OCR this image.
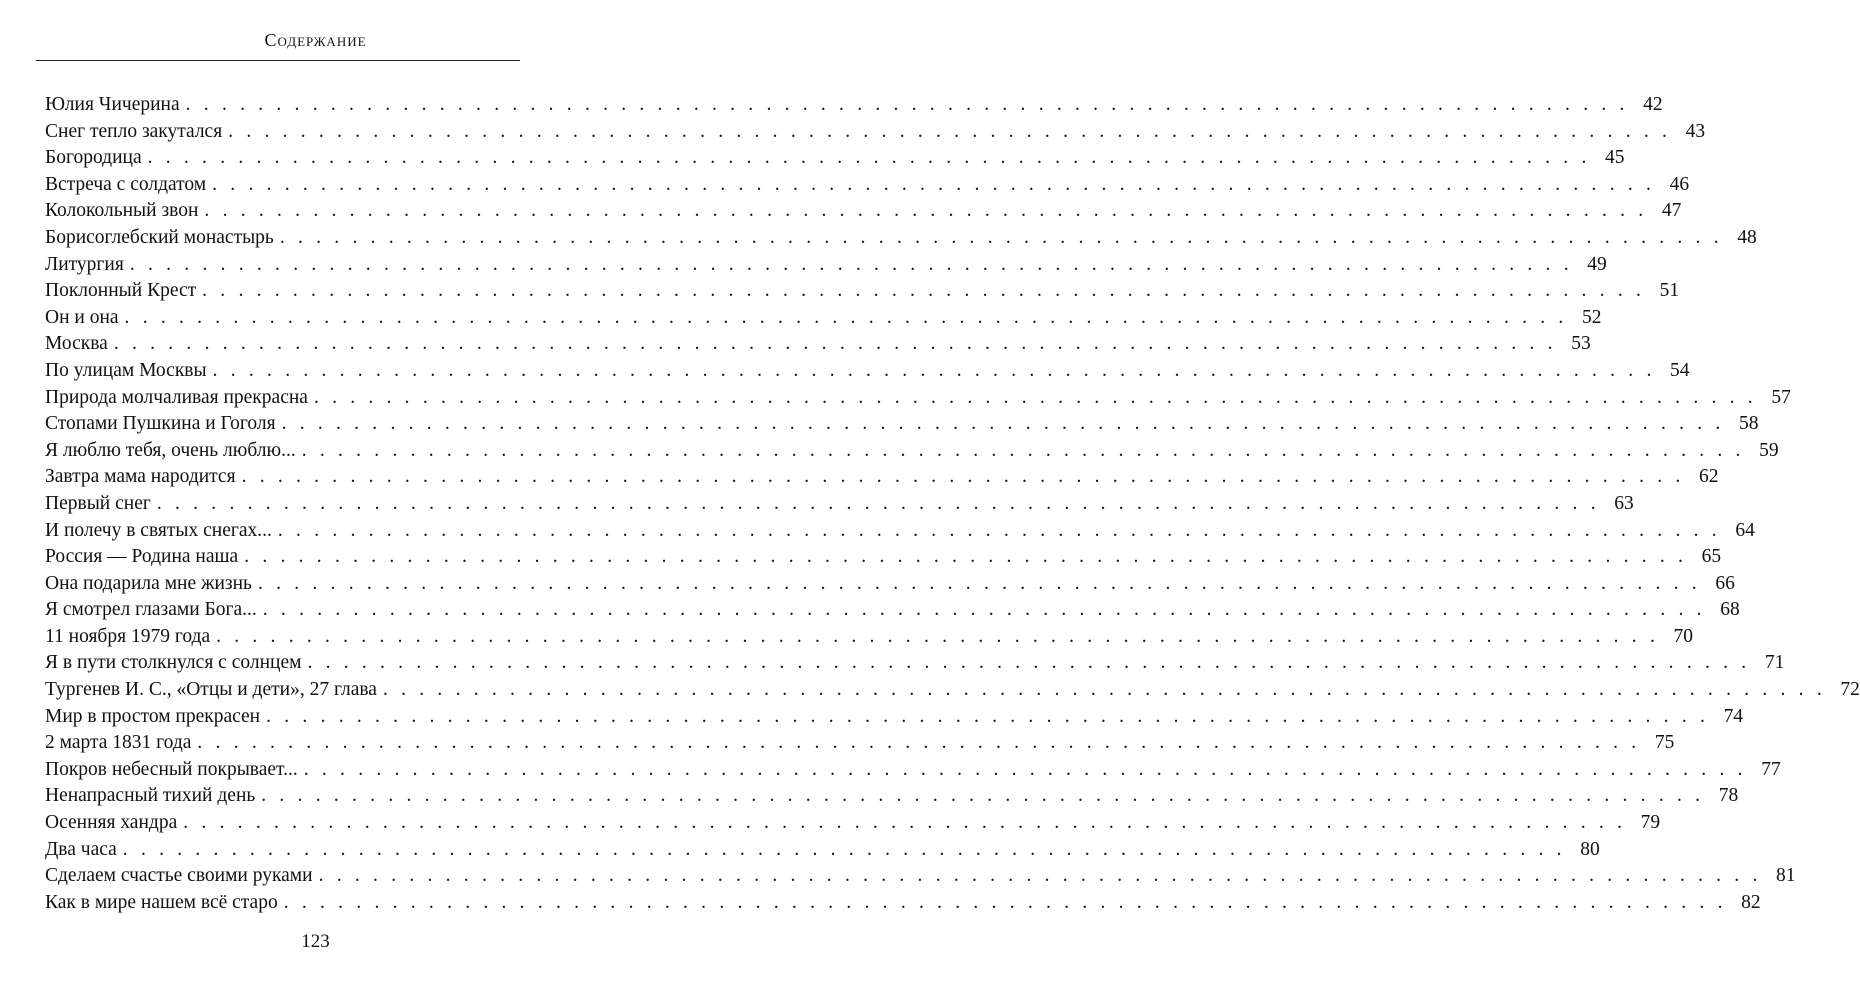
Содержание
Юлия Чичерина . . . . . . . . . . . . . . . . . . . . . . . . . . . . . . . . . . . . . . . . . . . . . . . . . . . . . . . . . . . . . . . . . . . . . . . . . . . . . . . . 42
Снег тепло закутался . . . . . . . . . . . . . . . . . . . . . . . . . . . . . . . . . . . . . . . . . . . . . . . . . . . . . . . . . . . . . . . . . . . . . . . . . . . . . . . . 43
Богородица . . . . . . . . . . . . . . . . . . . . . . . . . . . . . . . . . . . . . . . . . . . . . . . . . . . . . . . . . . . . . . . . . . . . . . . . . . . . . . . . 45
Встреча с солдатом . . . . . . . . . . . . . . . . . . . . . . . . . . . . . . . . . . . . . . . . . . . . . . . . . . . . . . . . . . . . . . . . . . . . . . . . . . . . . . . . 46
Колокольный звон . . . . . . . . . . . . . . . . . . . . . . . . . . . . . . . . . . . . . . . . . . . . . . . . . . . . . . . . . . . . . . . . . . . . . . . . . . . . . . . . 47
Борисоглебский монастырь . . . . . . . . . . . . . . . . . . . . . . . . . . . . . . . . . . . . . . . . . . . . . . . . . . . . . . . . . . . . . . . . . . . . . . . . . . . . . . . . 48
Литургия . . . . . . . . . . . . . . . . . . . . . . . . . . . . . . . . . . . . . . . . . . . . . . . . . . . . . . . . . . . . . . . . . . . . . . . . . . . . . . . . 49
Поклонный Крест . . . . . . . . . . . . . . . . . . . . . . . . . . . . . . . . . . . . . . . . . . . . . . . . . . . . . . . . . . . . . . . . . . . . . . . . . . . . . . . . 51
Он и она . . . . . . . . . . . . . . . . . . . . . . . . . . . . . . . . . . . . . . . . . . . . . . . . . . . . . . . . . . . . . . . . . . . . . . . . . . . . . . . . 52
Москва . . . . . . . . . . . . . . . . . . . . . . . . . . . . . . . . . . . . . . . . . . . . . . . . . . . . . . . . . . . . . . . . . . . . . . . . . . . . . . . . 53
По улицам Москвы . . . . . . . . . . . . . . . . . . . . . . . . . . . . . . . . . . . . . . . . . . . . . . . . . . . . . . . . . . . . . . . . . . . . . . . . . . . . . . . . 54
Природа молчаливая прекрасна . . . . . . . . . . . . . . . . . . . . . . . . . . . . . . . . . . . . . . . . . . . . . . . . . . . . . . . . . . . . . . . . . . . . . . . . . . . . . . . . 57
Стопами Пушкина и Гоголя . . . . . . . . . . . . . . . . . . . . . . . . . . . . . . . . . . . . . . . . . . . . . . . . . . . . . . . . . . . . . . . . . . . . . . . . . . . . . . . . 58
Я люблю тебя, очень люблю... . . . . . . . . . . . . . . . . . . . . . . . . . . . . . . . . . . . . . . . . . . . . . . . . . . . . . . . . . . . . . . . . . . . . . . . . . . . . . . . . 59
Завтра мама народится . . . . . . . . . . . . . . . . . . . . . . . . . . . . . . . . . . . . . . . . . . . . . . . . . . . . . . . . . . . . . . . . . . . . . . . . . . . . . . . . 62
Первый снег . . . . . . . . . . . . . . . . . . . . . . . . . . . . . . . . . . . . . . . . . . . . . . . . . . . . . . . . . . . . . . . . . . . . . . . . . . . . . . . . 63
И полечу в святых снегах... . . . . . . . . . . . . . . . . . . . . . . . . . . . . . . . . . . . . . . . . . . . . . . . . . . . . . . . . . . . . . . . . . . . . . . . . . . . . . . . . 64
Россия — Родина наша . . . . . . . . . . . . . . . . . . . . . . . . . . . . . . . . . . . . . . . . . . . . . . . . . . . . . . . . . . . . . . . . . . . . . . . . . . . . . . . . 65
Она подарила мне жизнь . . . . . . . . . . . . . . . . . . . . . . . . . . . . . . . . . . . . . . . . . . . . . . . . . . . . . . . . . . . . . . . . . . . . . . . . . . . . . . . . 66
Я смотрел глазами Бога... . . . . . . . . . . . . . . . . . . . . . . . . . . . . . . . . . . . . . . . . . . . . . . . . . . . . . . . . . . . . . . . . . . . . . . . . . . . . . . . . 68
11 ноября 1979 года . . . . . . . . . . . . . . . . . . . . . . . . . . . . . . . . . . . . . . . . . . . . . . . . . . . . . . . . . . . . . . . . . . . . . . . . . . . . . . . . 70
Я в пути столкнулся с солнцем . . . . . . . . . . . . . . . . . . . . . . . . . . . . . . . . . . . . . . . . . . . . . . . . . . . . . . . . . . . . . . . . . . . . . . . . . . . . . . . . 71
Тургенев И. С., «Отцы и дети», 27 глава . . . . . . . . . . . . . . . . . . . . . . . . . . . . . . . . . . . . . . . . . . . . . . . . . . . . . . . . . . . . . . . . . . . . . . . . . . . . . . . . 72
Мир в простом прекрасен . . . . . . . . . . . . . . . . . . . . . . . . . . . . . . . . . . . . . . . . . . . . . . . . . . . . . . . . . . . . . . . . . . . . . . . . . . . . . . . . 74
2 марта 1831 года . . . . . . . . . . . . . . . . . . . . . . . . . . . . . . . . . . . . . . . . . . . . . . . . . . . . . . . . . . . . . . . . . . . . . . . . . . . . . . . . 75
Покров небесный покрывает... . . . . . . . . . . . . . . . . . . . . . . . . . . . . . . . . . . . . . . . . . . . . . . . . . . . . . . . . . . . . . . . . . . . . . . . . . . . . . . . . 77
Ненапрасный тихий день . . . . . . . . . . . . . . . . . . . . . . . . . . . . . . . . . . . . . . . . . . . . . . . . . . . . . . . . . . . . . . . . . . . . . . . . . . . . . . . . 78
Осенняя хандра . . . . . . . . . . . . . . . . . . . . . . . . . . . . . . . . . . . . . . . . . . . . . . . . . . . . . . . . . . . . . . . . . . . . . . . . . . . . . . . . 79
Два часа . . . . . . . . . . . . . . . . . . . . . . . . . . . . . . . . . . . . . . . . . . . . . . . . . . . . . . . . . . . . . . . . . . . . . . . . . . . . . . . . 80
Сделаем счастье своими руками . . . . . . . . . . . . . . . . . . . . . . . . . . . . . . . . . . . . . . . . . . . . . . . . . . . . . . . . . . . . . . . . . . . . . . . . . . . . . . . . 81
Как в мире нашем всё старо . . . . . . . . . . . . . . . . . . . . . . . . . . . . . . . . . . . . . . . . . . . . . . . . . . . . . . . . . . . . . . . . . . . . . . . . . . . . . . . . 82
123
